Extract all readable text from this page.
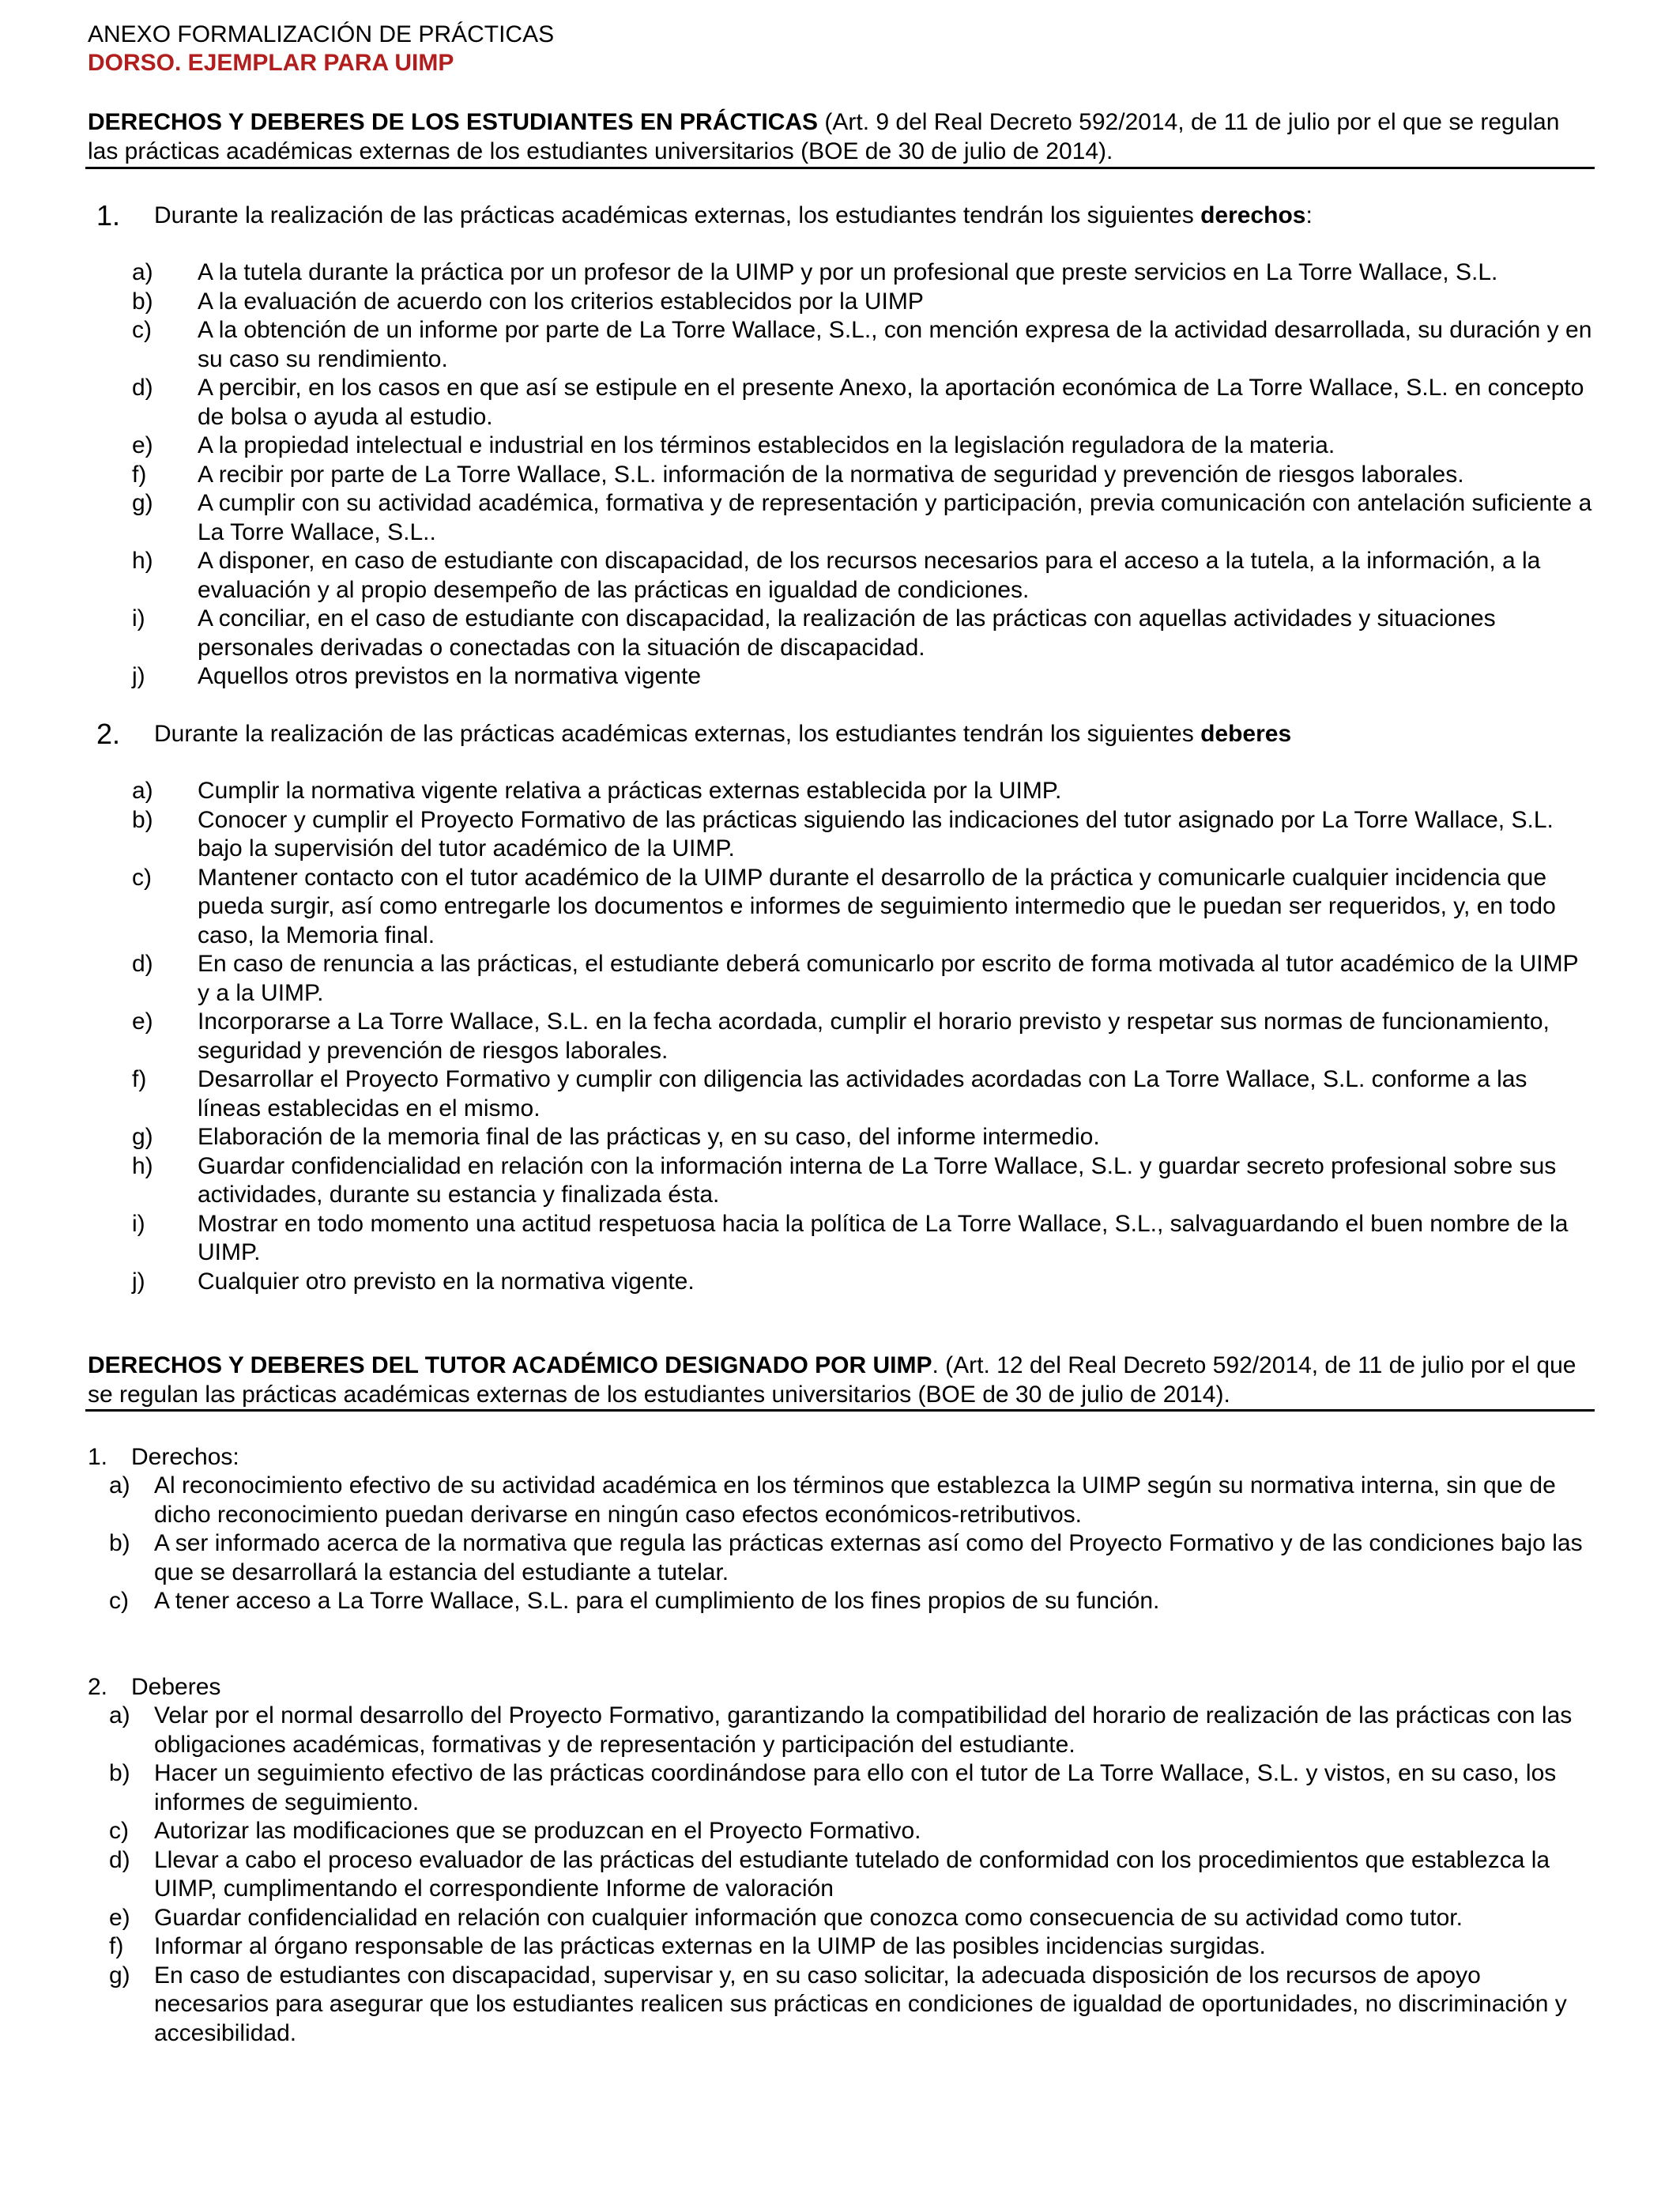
ANEXO FORMALIZACIÓN DE PRÁCTICAS
DORSO. EJEMPLAR PARA UIMP
DERECHOS Y DEBERES DE LOS ESTUDIANTES EN PRÁCTICAS (Art. 9 del Real Decreto 592/2014, de 11 de julio por el que se regulan las prácticas académicas externas de los estudiantes universitarios (BOE de 30 de julio de 2014).
1. Durante la realización de las prácticas académicas externas, los estudiantes tendrán los siguientes derechos:
a) A la tutela durante la práctica por un profesor de la UIMP y por un profesional que preste servicios en La Torre Wallace, S.L.
b) A la evaluación de acuerdo con los criterios establecidos por la UIMP
c) A la obtención de un informe por parte de La Torre Wallace, S.L., con mención expresa de la actividad desarrollada, su duración y en su caso su rendimiento.
d) A percibir, en los casos en que así se estipule en el presente Anexo, la aportación económica de La Torre Wallace, S.L. en concepto de bolsa o ayuda al estudio.
e) A la propiedad intelectual e industrial en los términos establecidos en la legislación reguladora de la materia.
f) A recibir por parte de La Torre Wallace, S.L. información de la normativa de seguridad y prevención de riesgos laborales.
g) A cumplir con su actividad académica, formativa y de representación y participación, previa comunicación con antelación suficiente a La Torre Wallace, S.L..
h) A disponer, en caso de estudiante con discapacidad, de los recursos necesarios para el acceso a la tutela, a la información, a la evaluación y al propio desempeño de las prácticas en igualdad de condiciones.
i) A conciliar, en el caso de estudiante con discapacidad, la realización de las prácticas con aquellas actividades y situaciones personales derivadas o conectadas con la situación de discapacidad.
j) Aquellos otros previstos en la normativa vigente
2. Durante la realización de las prácticas académicas externas, los estudiantes tendrán los siguientes deberes
a) Cumplir la normativa vigente relativa a prácticas externas establecida por la UIMP.
b) Conocer y cumplir el Proyecto Formativo de las prácticas siguiendo las indicaciones del tutor asignado por La Torre Wallace, S.L. bajo la supervisión del tutor académico de la UIMP.
c) Mantener contacto con el tutor académico de la UIMP durante el desarrollo de la práctica y comunicarle cualquier incidencia que pueda surgir, así como entregarle los documentos e informes de seguimiento intermedio que le puedan ser requeridos, y, en todo caso, la Memoria final.
d) En caso de renuncia a las prácticas, el estudiante deberá comunicarlo por escrito de forma motivada al tutor académico de la UIMP y a la UIMP.
e) Incorporarse a La Torre Wallace, S.L. en la fecha acordada, cumplir el horario previsto y respetar sus normas de funcionamiento, seguridad y prevención de riesgos laborales.
f) Desarrollar el Proyecto Formativo y cumplir con diligencia las actividades acordadas con La Torre Wallace, S.L. conforme a las líneas establecidas en el mismo.
g) Elaboración de la memoria final de las prácticas y, en su caso, del informe intermedio.
h) Guardar confidencialidad en relación con la información interna de La Torre Wallace, S.L. y guardar secreto profesional sobre sus actividades, durante su estancia y finalizada ésta.
i) Mostrar en todo momento una actitud respetuosa hacia la política de La Torre Wallace, S.L., salvaguardando el buen nombre de la UIMP.
j) Cualquier otro previsto en la normativa vigente.
DERECHOS Y DEBERES DEL TUTOR ACADÉMICO DESIGNADO POR UIMP. (Art. 12 del Real Decreto 592/2014, de 11 de julio por el que se regulan las prácticas académicas externas de los estudiantes universitarios (BOE de 30 de julio de 2014).
1. Derechos:
a) Al reconocimiento efectivo de su actividad académica en los términos que establezca la UIMP según su normativa interna, sin que de dicho reconocimiento puedan derivarse en ningún caso efectos económicos-retributivos.
b) A ser informado acerca de la normativa que regula las prácticas externas así como del Proyecto Formativo y de las condiciones bajo las que se desarrollará la estancia del estudiante a tutelar.
c) A tener acceso a La Torre Wallace, S.L. para el cumplimiento de los fines propios de su función.
2. Deberes
a) Velar por el normal desarrollo del Proyecto Formativo, garantizando la compatibilidad del horario de realización de las prácticas con las obligaciones académicas, formativas y de representación y participación del estudiante.
b) Hacer un seguimiento efectivo de las prácticas coordinándose para ello con el tutor de La Torre Wallace, S.L. y vistos, en su caso, los informes de seguimiento.
c) Autorizar las modificaciones que se produzcan en el Proyecto Formativo.
d) Llevar a cabo el proceso evaluador de las prácticas del estudiante tutelado de conformidad con los procedimientos que establezca la UIMP, cumplimentando el correspondiente Informe de valoración
e) Guardar confidencialidad en relación con cualquier información que conozca como consecuencia de su actividad como tutor.
f) Informar al órgano responsable de las prácticas externas en la UIMP de las posibles incidencias surgidas.
g) En caso de estudiantes con discapacidad, supervisar y, en su caso solicitar, la adecuada disposición de los recursos de apoyo necesarios para asegurar que los estudiantes realicen sus prácticas en condiciones de igualdad de oportunidades, no discriminación y accesibilidad.
